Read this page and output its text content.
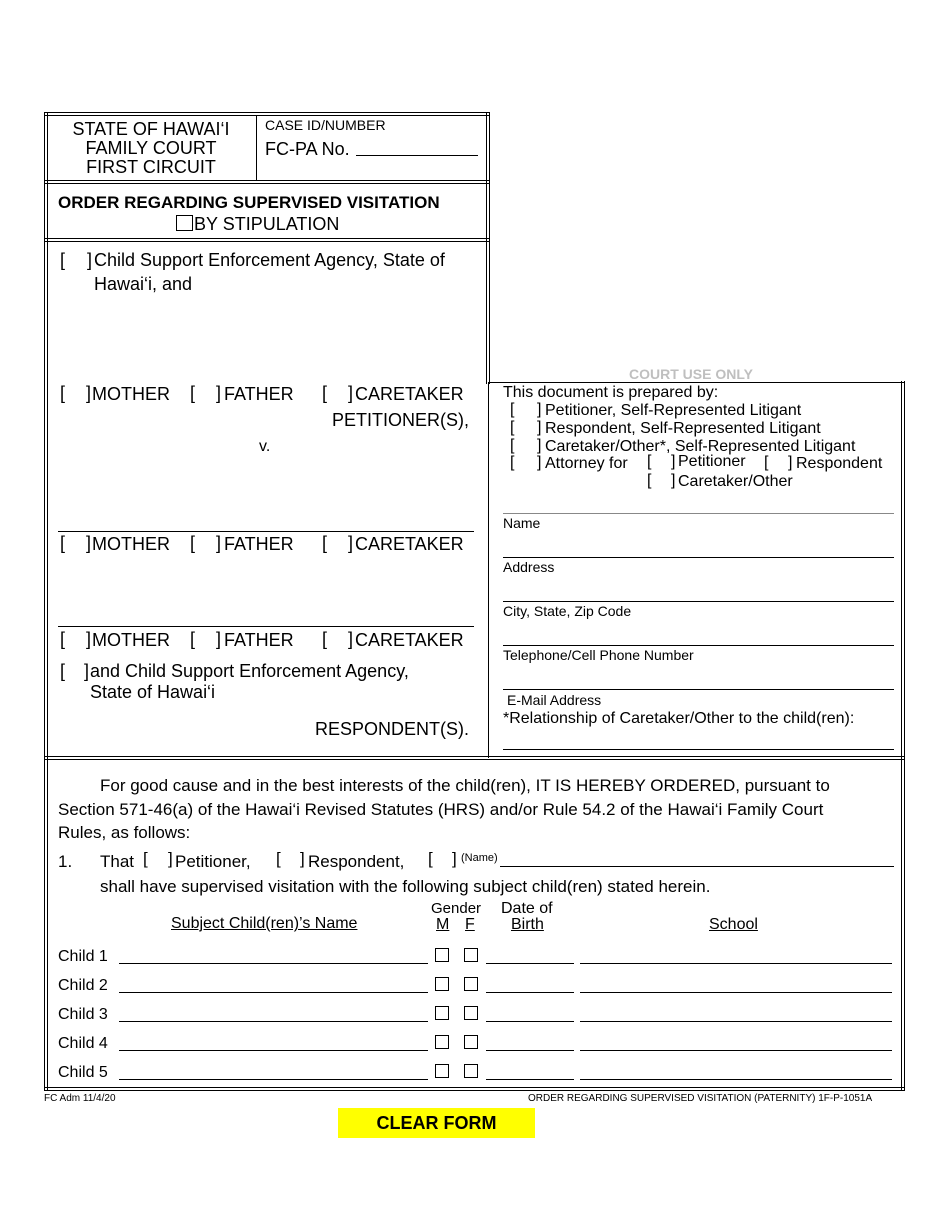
STATE OF HAWAI‘I
FAMILY COURT
FIRST CIRCUIT
CASE ID/NUMBER
FC-PA No.
ORDER REGARDING SUPERVISED VISITATION
BY STIPULATION
[ ] Child Support Enforcement Agency, State of
Hawai‘i, and
[ ] MOTHER [ ] FATHER [ ] CARETAKER
PETITIONER(S),
v.
[ ] MOTHER [ ] FATHER [ ] CARETAKER
[ ] MOTHER [ ] FATHER [ ] CARETAKER
[ ] and Child Support Enforcement Agency,
State of Hawai‘i
RESPONDENT(S).
COURT USE ONLY
This document is prepared by:
[ ] Petitioner, Self-Represented Litigant
[ ] Respondent, Self-Represented Litigant
[ ] Caretaker/Other*, Self-Represented Litigant
[ ] Attorney for [ ] Petitioner [ ] Respondent
[ ] Caretaker/Other
Name
Address
City, State, Zip Code
Telephone/Cell Phone Number
E-Mail Address
*Relationship of Caretaker/Other to the child(ren):
For good cause and in the best interests of the child(ren), IT IS HEREBY ORDERED, pursuant to
Section 571-46(a) of the Hawai‘i Revised Statutes (HRS) and/or Rule 54.2 of the Hawai‘i Family Court
Rules, as follows:
1. That [ ] Petitioner, [ ] Respondent, [ ] (Name)
shall have supervised visitation with the following subject child(ren) stated herein.
Subject Child(ren)’s Name
Gender
M F
Date of
Birth	School
Child 1
Child 2
Child 3
Child 4
Child 5
FC Adm 11/4/20	ORDER REGARDING SUPERVISED VISITATION (PATERNITY) 1F-P-1051A
CLEAR FORM
